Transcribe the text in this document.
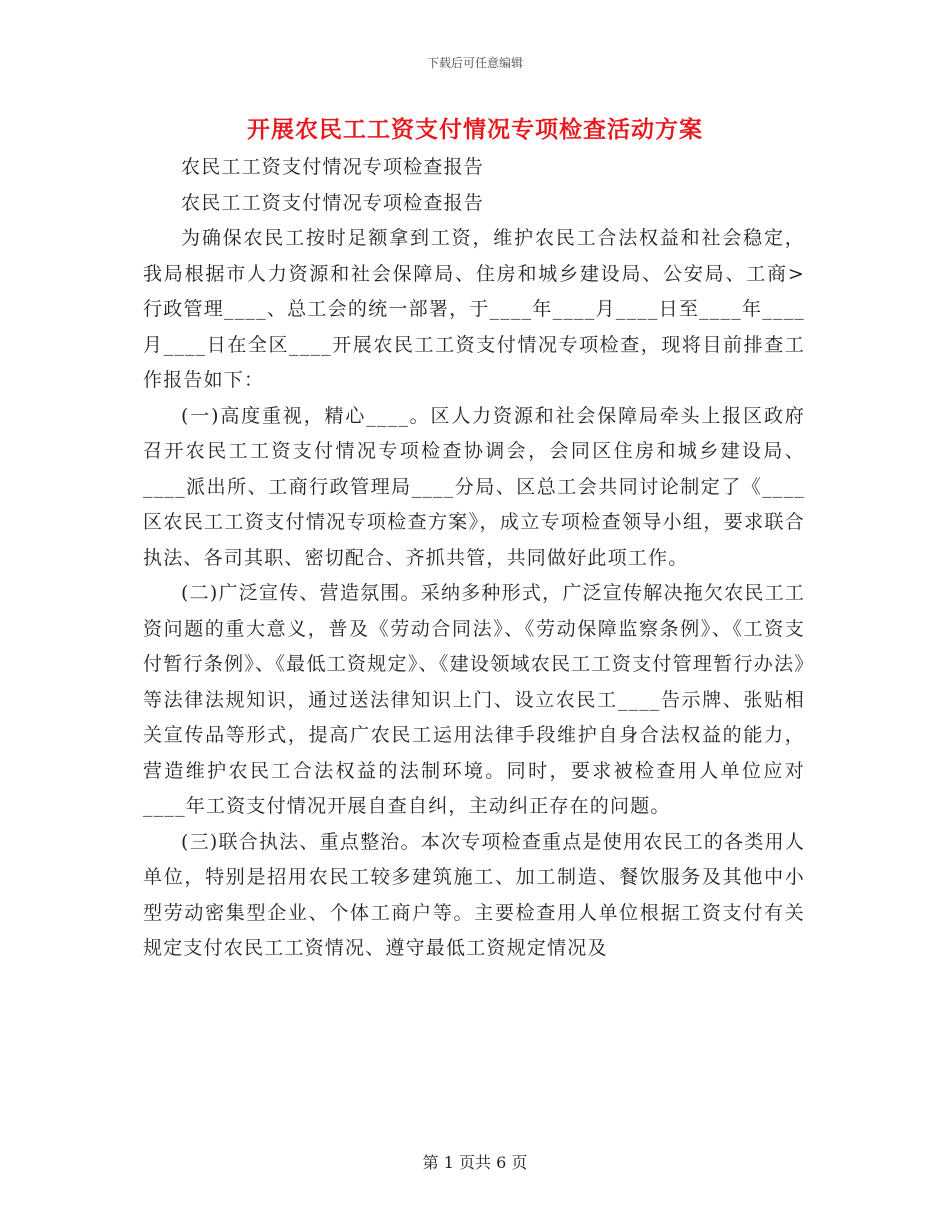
下载后可任意编辑
开展农民工工资支付情况专项检查活动方案

农民工工资支付情况专项检查报告

农民工工资支付情况专项检查报告

为确保农民工按时足额拿到工资，维护农民工合法权益和社会稳定，我局根据市人力资源和社会保障局、住房和城乡建设局、公安局、工商>行政管理____、总工会的统一部署，于____年____月____日至____年____月____日在全区____开展农民工工资支付情况专项检查，现将目前排查工作报告如下：

(一)高度重视，精心____。区人力资源和社会保障局牵头上报区政府召开农民工工资支付情况专项检查协调会，会同区住房和城乡建设局、____派出所、工商行政管理局____分局、区总工会共同讨论制定了《____区农民工工资支付情况专项检查方案》，成立专项检查领导小组，要求联合执法、各司其职、密切配合、齐抓共管，共同做好此项工作。

(二)广泛宣传、营造氛围。采纳多种形式，广泛宣传解决拖欠农民工工资问题的重大意义，普及《劳动合同法》、《劳动保障监察条例》、《工资支付暂行条例》、《最低工资规定》、《建设领域农民工工资支付管理暂行办法》等法律法规知识，通过送法律知识上门、设立农民工____告示牌、张贴相关宣传品等形式，提高广农民工运用法律手段维护自身合法权益的能力，营造维护农民工合法权益的法制环境。同时，要求被检查用人单位应对____年工资支付情况开展自查自纠，主动纠正存在的问题。

(三)联合执法、重点整治。本次专项检查重点是使用农民工的各类用人单位，特别是招用农民工较多建筑施工、加工制造、餐饮服务及其他中小型劳动密集型企业、个体工商户等。主要检查用人单位根据工资支付有关规定支付农民工工资情况、遵守最低工资规定情况及

第 1 页共 6 页
